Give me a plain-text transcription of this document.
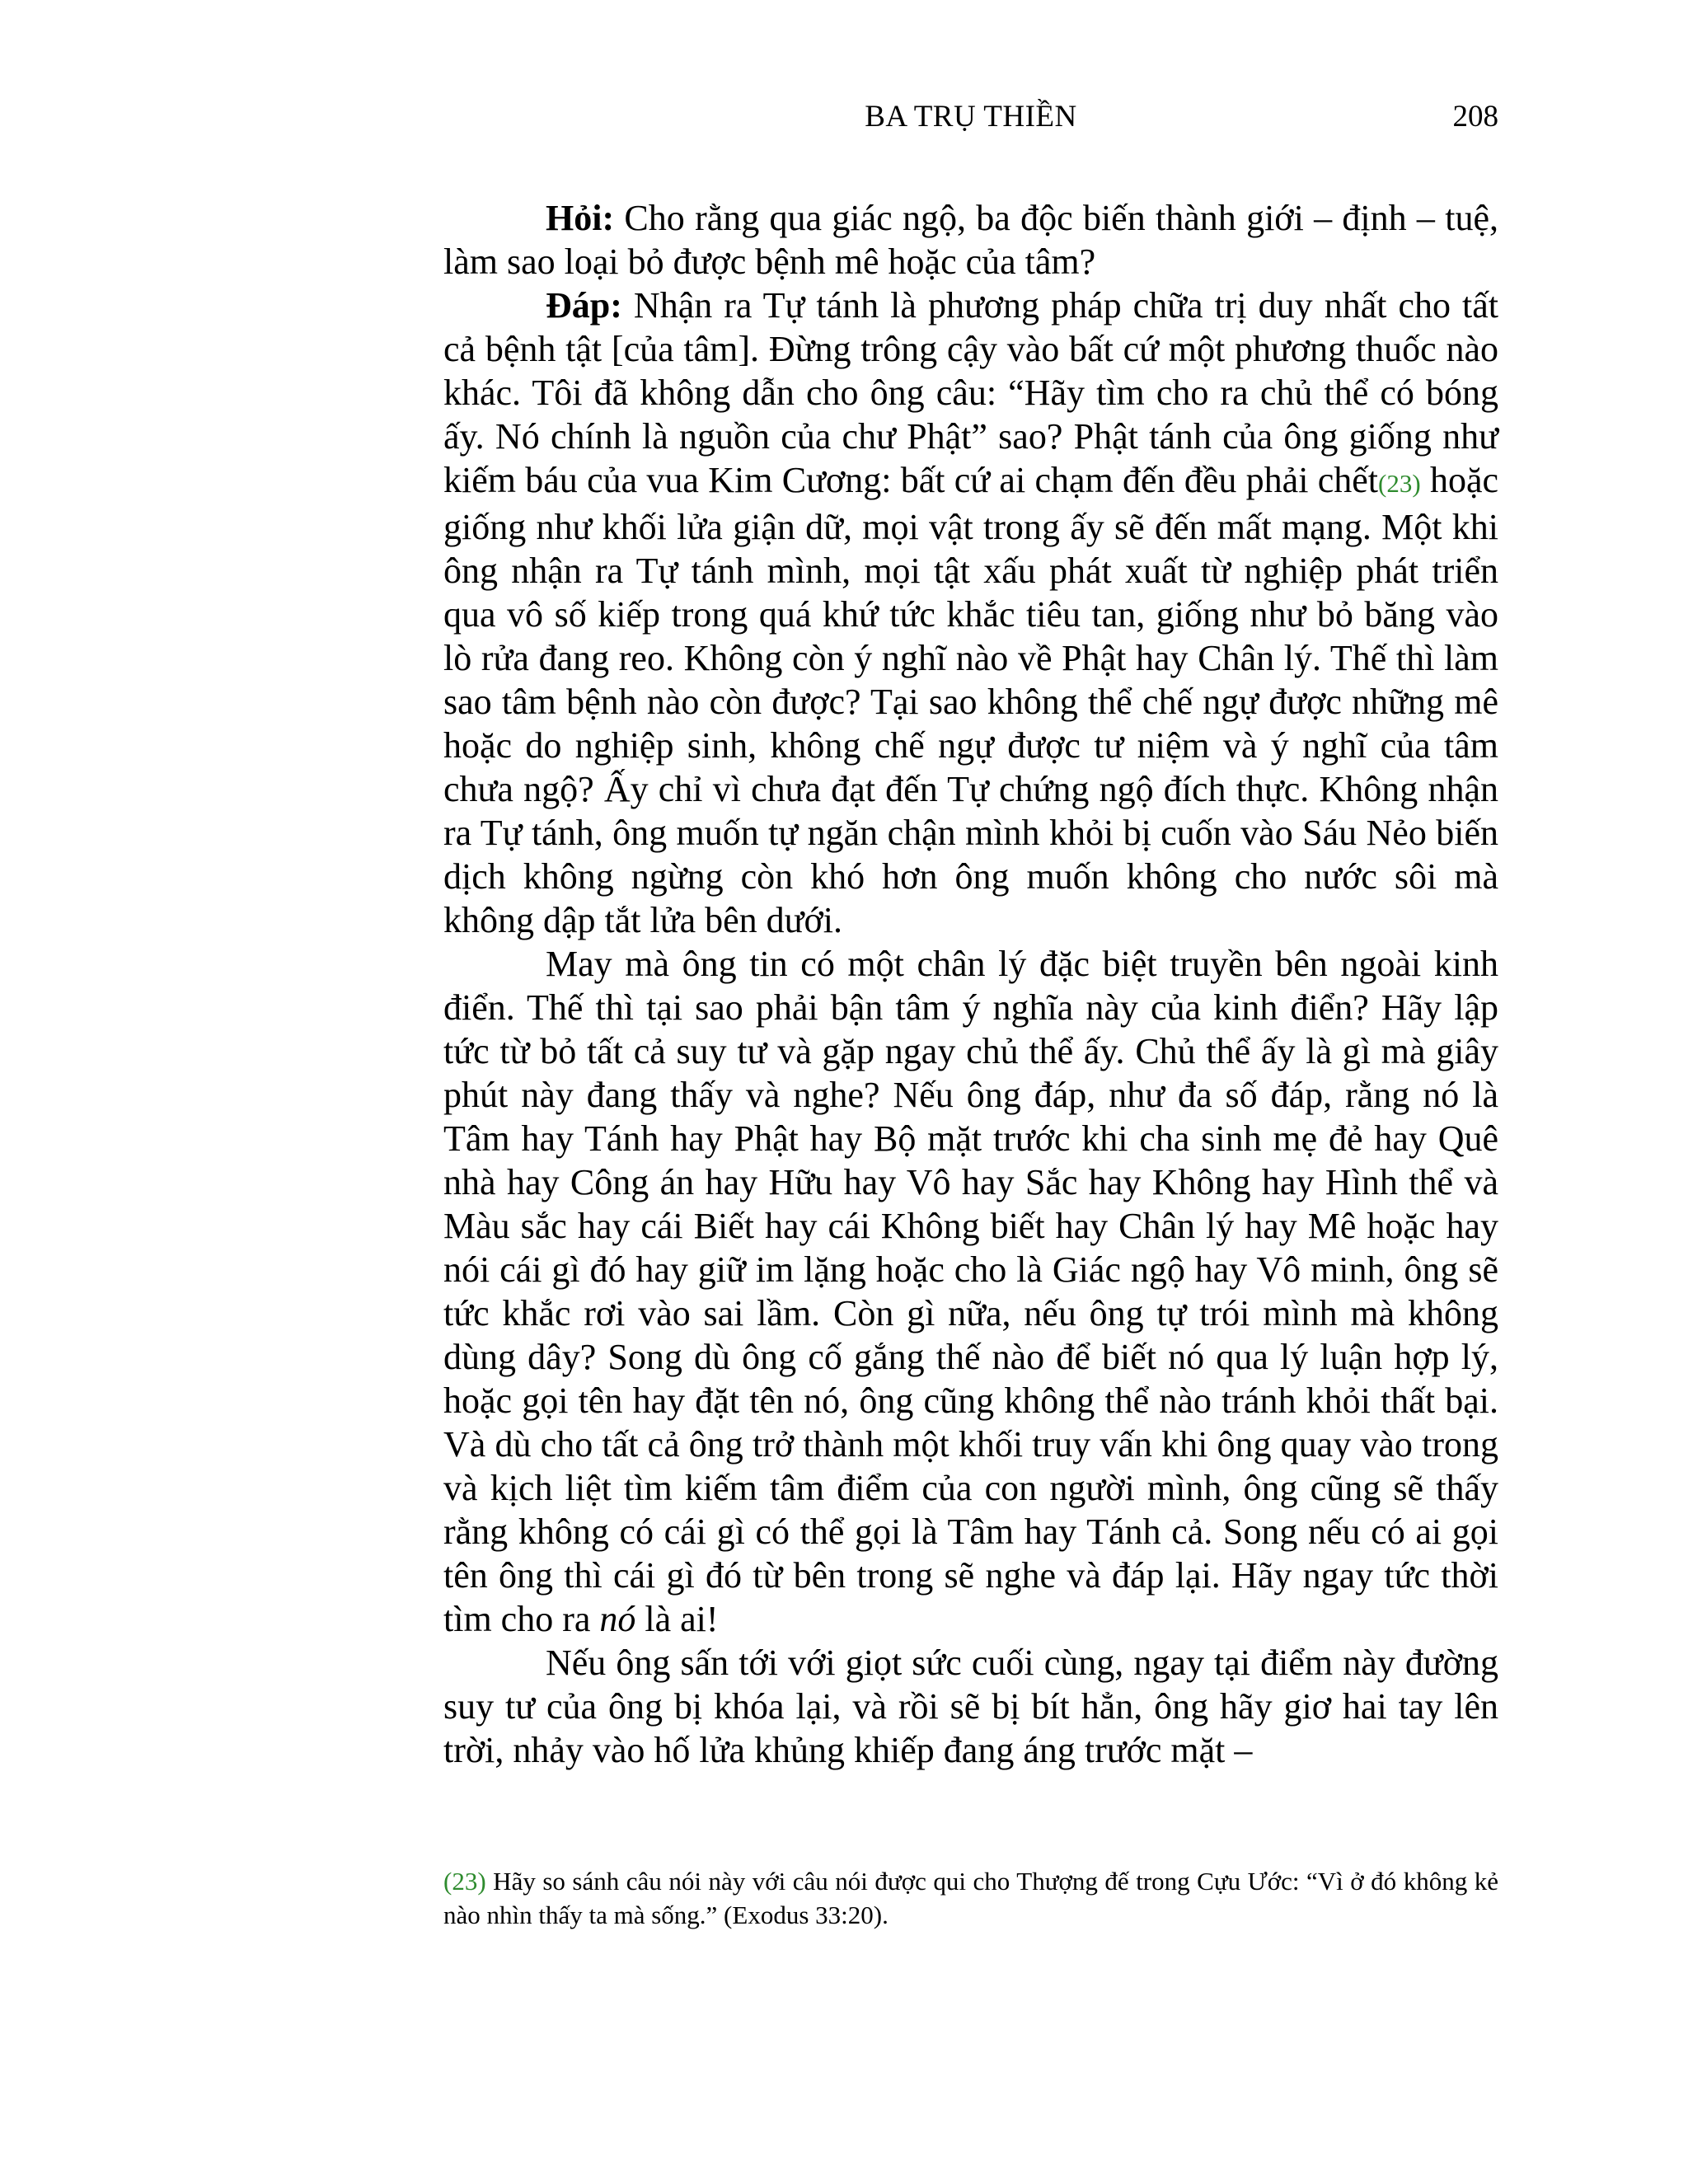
BA TRỤ THIỀN	208

Hỏi: Cho rằng qua giác ngộ, ba độc biến thành giới – định – tuệ, làm sao loại bỏ được bệnh mê hoặc của tâm?

Đáp: Nhận ra Tự tánh là phương pháp chữa trị duy nhất cho tất cả bệnh tật [của tâm]. Đừng trông cậy vào bất cứ một phương thuốc nào khác. Tôi đã không dẫn cho ông câu: “Hãy tìm cho ra chủ thể có bóng ấy. Nó chính là nguồn của chư Phật” sao? Phật tánh của ông giống như kiếm báu của vua Kim Cương: bất cứ ai chạm đến đều phải chết(23) hoặc giống như khối lửa giận dữ, mọi vật trong ấy sẽ đến mất mạng. Một khi ông nhận ra Tự tánh mình, mọi tật xấu phát xuất từ nghiệp phát triển qua vô số kiếp trong quá khứ tức khắc tiêu tan, giống như bỏ băng vào lò rửa đang reo. Không còn ý nghĩ nào về Phật hay Chân lý. Thế thì làm sao tâm bệnh nào còn được? Tại sao không thể chế ngự được những mê hoặc do nghiệp sinh, không chế ngự được tư niệm và ý nghĩ của tâm chưa ngộ? Ấy chỉ vì chưa đạt đến Tự chứng ngộ đích thực. Không nhận ra Tự tánh, ông muốn tự ngăn chận mình khỏi bị cuốn vào Sáu Nẻo biến dịch không ngừng còn khó hơn ông muốn không cho nước sôi mà không dập tắt lửa bên dưới.

May mà ông tin có một chân lý đặc biệt truyền bên ngoài kinh điển. Thế thì tại sao phải bận tâm ý nghĩa này của kinh điển? Hãy lập tức từ bỏ tất cả suy tư và gặp ngay chủ thể ấy. Chủ thể ấy là gì mà giây phút này đang thấy và nghe? Nếu ông đáp, như đa số đáp, rằng nó là Tâm hay Tánh hay Phật hay Bộ mặt trước khi cha sinh mẹ đẻ hay Quê nhà hay Công án hay Hữu hay Vô hay Sắc hay Không hay Hình thể và Màu sắc hay cái Biết hay cái Không biết hay Chân lý hay Mê hoặc hay nói cái gì đó hay giữ im lặng hoặc cho là Giác ngộ hay Vô minh, ông sẽ tức khắc rơi vào sai lầm. Còn gì nữa, nếu ông tự trói mình mà không dùng dây? Song dù ông cố gắng thế nào để biết nó qua lý luận hợp lý, hoặc gọi tên hay đặt tên nó, ông cũng không thể nào tránh khỏi thất bại. Và dù cho tất cả ông trở thành một khối truy vấn khi ông quay vào trong và kịch liệt tìm kiếm tâm điểm của con người mình, ông cũng sẽ thấy rằng không có cái gì có thể gọi là Tâm hay Tánh cả. Song nếu có ai gọi tên ông thì cái gì đó từ bên trong sẽ nghe và đáp lại. Hãy ngay tức thời tìm cho ra nó là ai!

Nếu ông sấn tới với giọt sức cuối cùng, ngay tại điểm này đường suy tư của ông bị khóa lại, và rồi sẽ bị bít hẳn, ông hãy giơ hai tay lên trời, nhảy vào hố lửa khủng khiếp đang áng trước mặt –

(23) Hãy so sánh câu nói này với câu nói được qui cho Thượng đế trong Cựu Ước: “Vì ở đó không kẻ nào nhìn thấy ta mà sống.” (Exodus 33:20).
